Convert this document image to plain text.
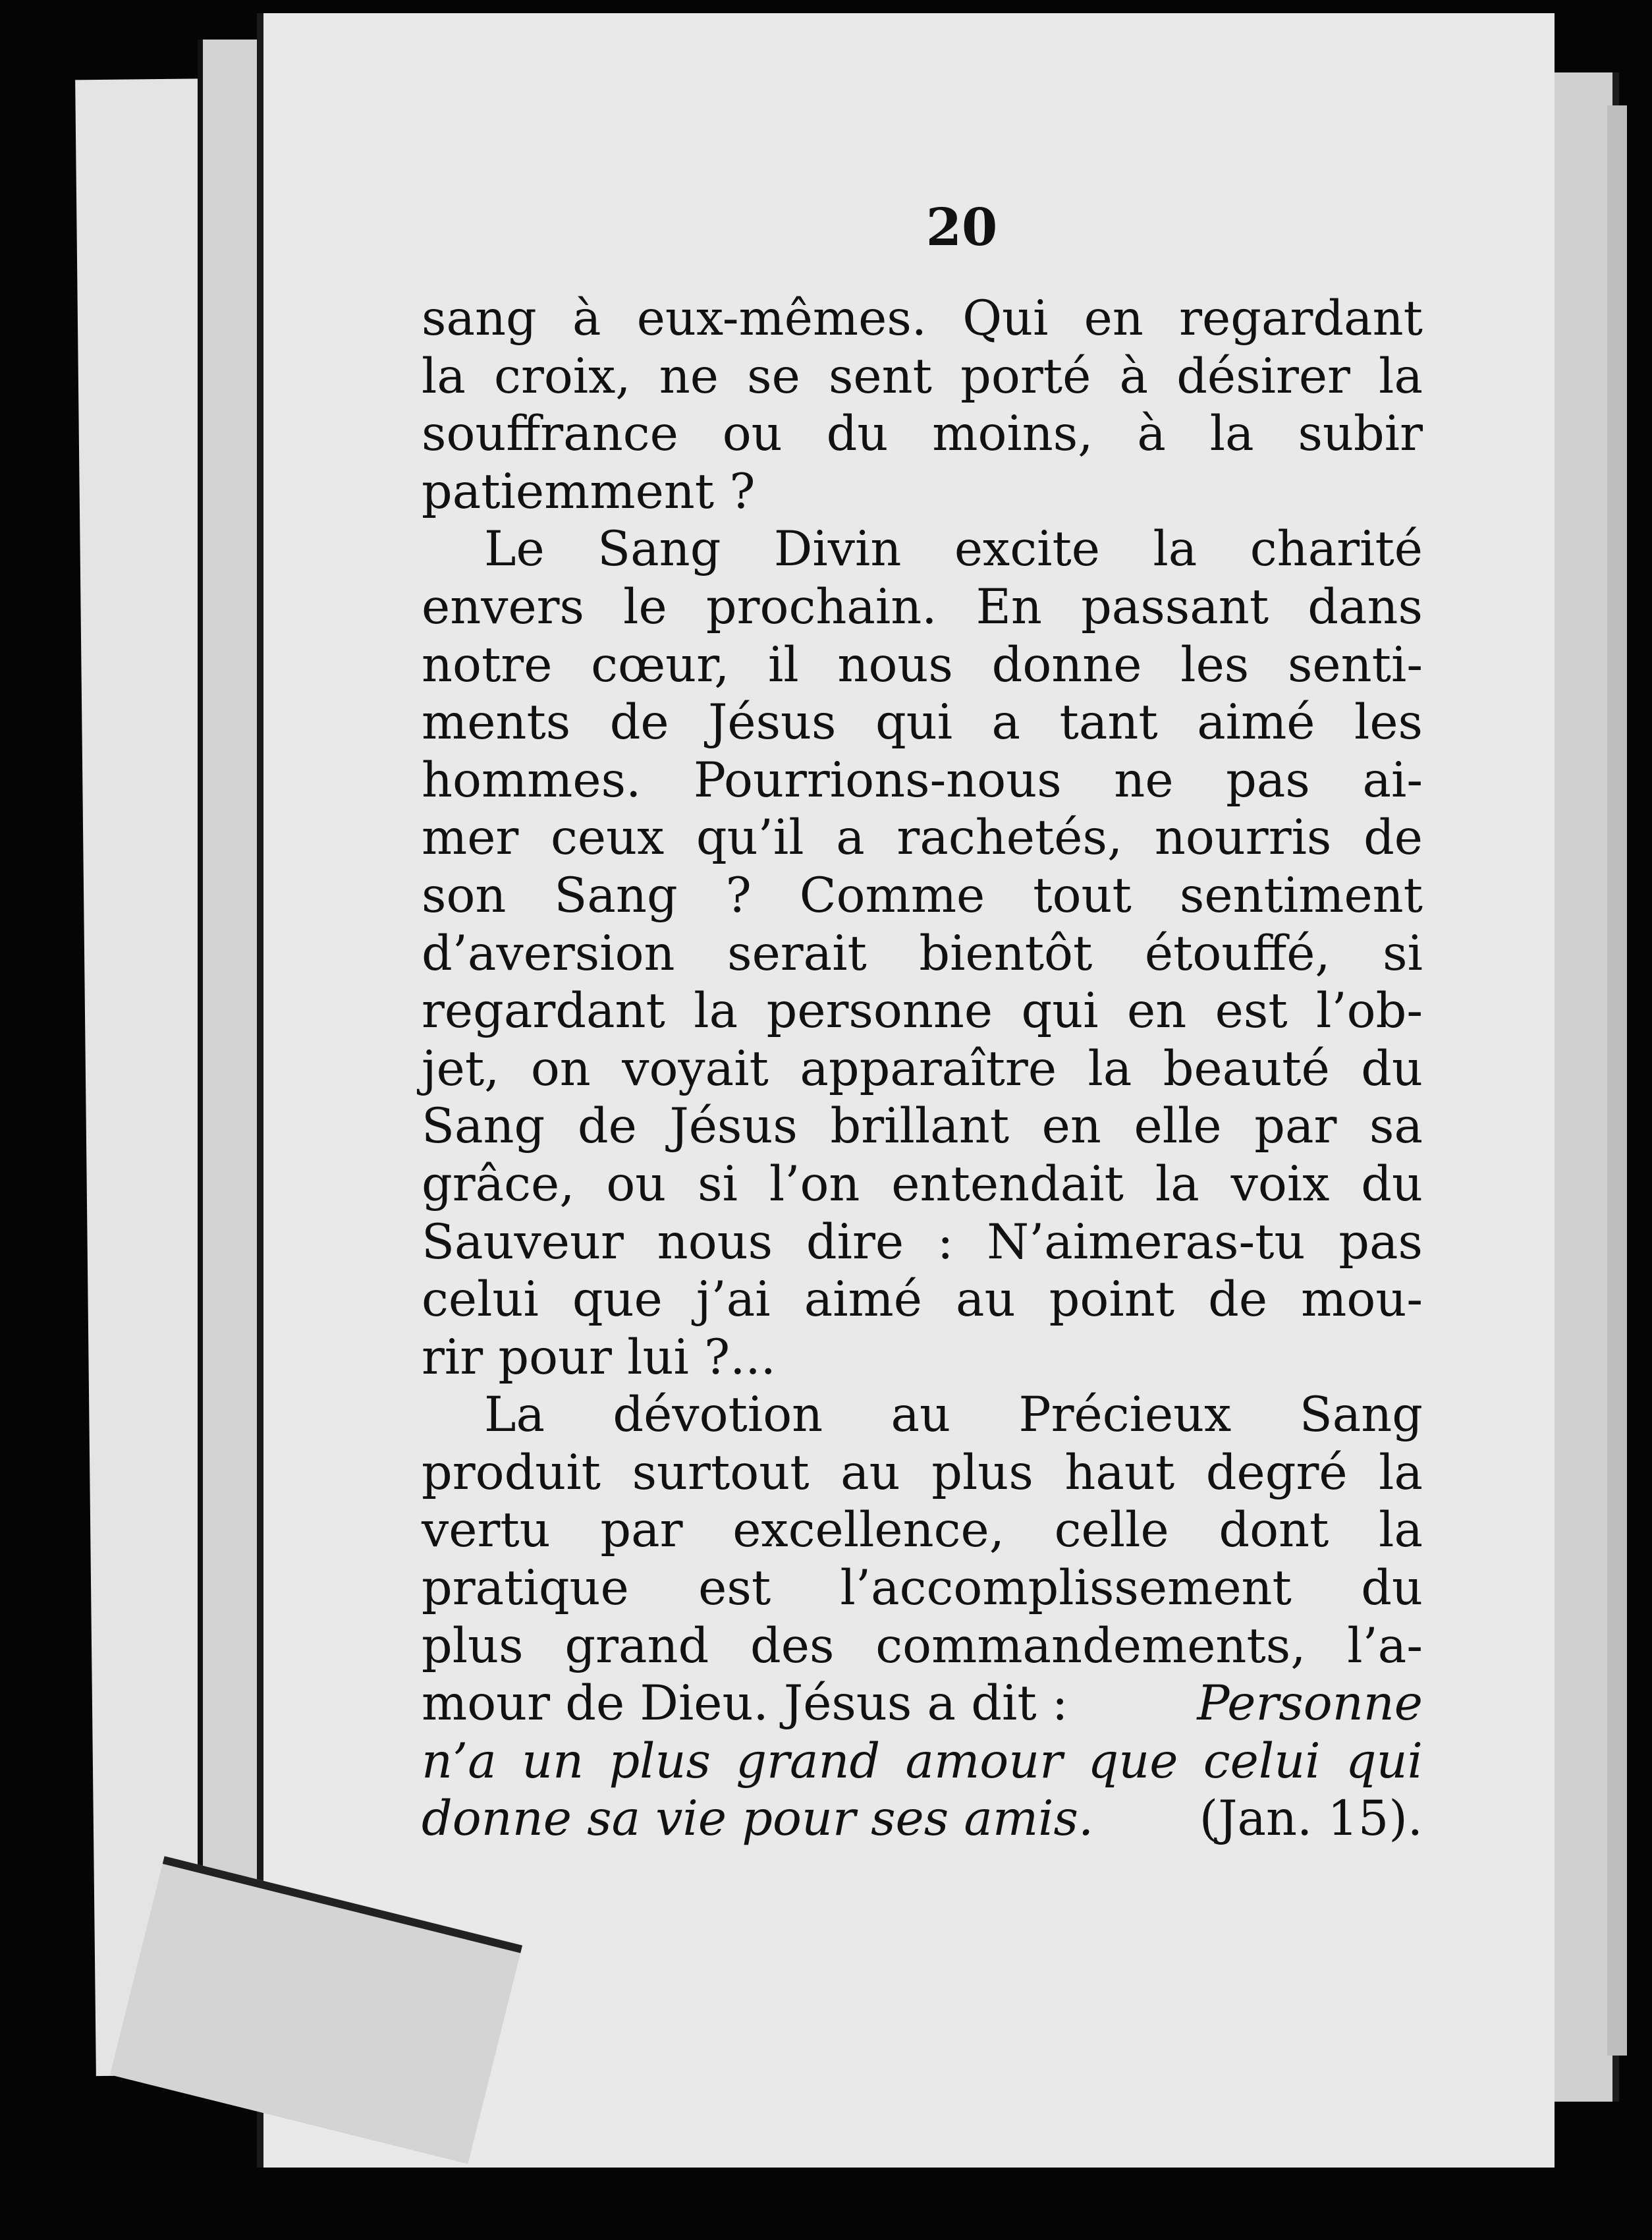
20
sang à eux-mêmes. Qui en regardant
la croix, ne se sent porté à désirer la
souffrance ou du moins, à la subir
patiemment ?
Le Sang Divin excite la charité
envers le prochain. En passant dans
notre cœur, il nous donne les senti-
ments de Jésus qui a tant aimé les
hommes. Pourrions-nous ne pas ai-
mer ceux qu’il a rachetés, nourris de
son Sang ? Comme tout sentiment
d’aversion serait bientôt étouffé, si
regardant la personne qui en est l’ob-
jet, on voyait apparaître la beauté du
Sang de Jésus brillant en elle par sa
grâce, ou si l’on entendait la voix du
Sauveur nous dire : N’aimeras-tu pas
celui que j’ai aimé au point de mou-
rir pour lui ?...
La dévotion au Précieux Sang
produit surtout au plus haut degré la
vertu par excellence, celle dont la
pratique est l’accomplissement du
plus grand des commandements, l’a-
mour de Dieu. Jésus a dit :	Personne
n’a un plus grand amour que celui qui
donne sa vie pour ses amis. (Jan. 15).
